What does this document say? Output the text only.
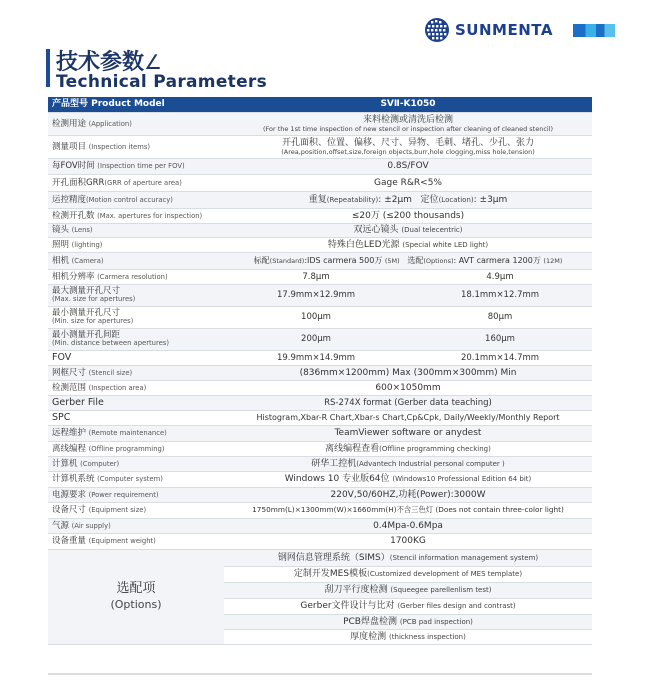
SUNMENTA
技术参数∠
Technical Parameters
产品型号 Product Model	SVⅡ-K1050	
检测用途 (Application)	来料检测或清洗后检测
(For the 1st time inspection of new stencil or inspection after cleaning of cleaned stencil)	

测量项目 (Inspection items)	开孔面积、位置、偏移、尺寸、异物、毛刺、堵孔、少孔、张力
(Area,position,offset,size,foreign objects,burr,hole clogging,miss hole,tension)	

每FOV时间 (Inspection time per FOV)	0.8S/FOV	
开孔面积GRR(GRR of aperture area)	Gage R&R<5%	
运控精度(Motion control accuracy)	重复(Repeatability): ±2μm 定位(Location): ±3μm	
检测开孔数 (Max. apertures for inspection)	≤20万 (≤200 thousands)	
镜头 (Lens)	双远心镜头 (Dual telecentric)	
照明 (lighting)	特殊白色LED光源 (Special white LED light)	
相机 (Camera)	标配(Standard):IDS carmera 500万 (5M) 选配(Options): AVT carmera 1200万 (12M)	
相机分辨率 (Carmera resolution)	7.8μm	4.9μm

最大测量开孔尺寸
(Max. size for apertures)	17.9mm×12.9mm	18.1mm×12.7mm

最小测量开孔尺寸
(Min. size for apertures)	100μm	80μm

最小测量开孔间距
(Min. distance between apertures)	200μm	160μm
FOV	19.9mm×14.9mm	20.1mm×14.7mm
网框尺寸 (Stencil size)	(836mm×1200mm) Max (300mm×300mm) Min	
检测范围 (Inspection area)	600×1050mm	
Gerber File	RS-274X format (Gerber data teaching)	
SPC	Histogram,Xbar-R Chart,Xbar-s Chart,Cp&Cpk, Daily/Weekly/Monthly Report	
远程维护 (Remote maintenance)	TeamViewer software or anydest	
离线编程 (Offline programming)	离线编程查看(Offline programming checking)	
计算机 (Computer)	研华工控机(Advantech Industrial personal computer )	
计算机系统 (Computer system)	Windows 10 专业版64位 (Windows10 Professional Edition 64 bit)	
电源要求 (Power requirement)	220V,50/60HZ,功耗(Power):3000W	
设备尺寸 (Equipment size)	1750mm(L)×1300mm(W)×1660mm(H)不含三色灯 (Does not contain three-color light)	
气源 (Air supply)	0.4Mpa-0.6Mpa	
设备重量 (Equipment weight)	1700KG	

选配项
(Options)	钢网信息管理系统（SIMS）(Stencil information management system)	
	定制开发MES模板(Customized development of MES template)	
	刮刀平行度检测 (Squeegee parellenlism test)	
	Gerber文件设计与比对 (Gerber files design and contrast)	
	PCB焊盘检测 (PCB pad inspection)	
	厚度检测 (thickness inspection)	
